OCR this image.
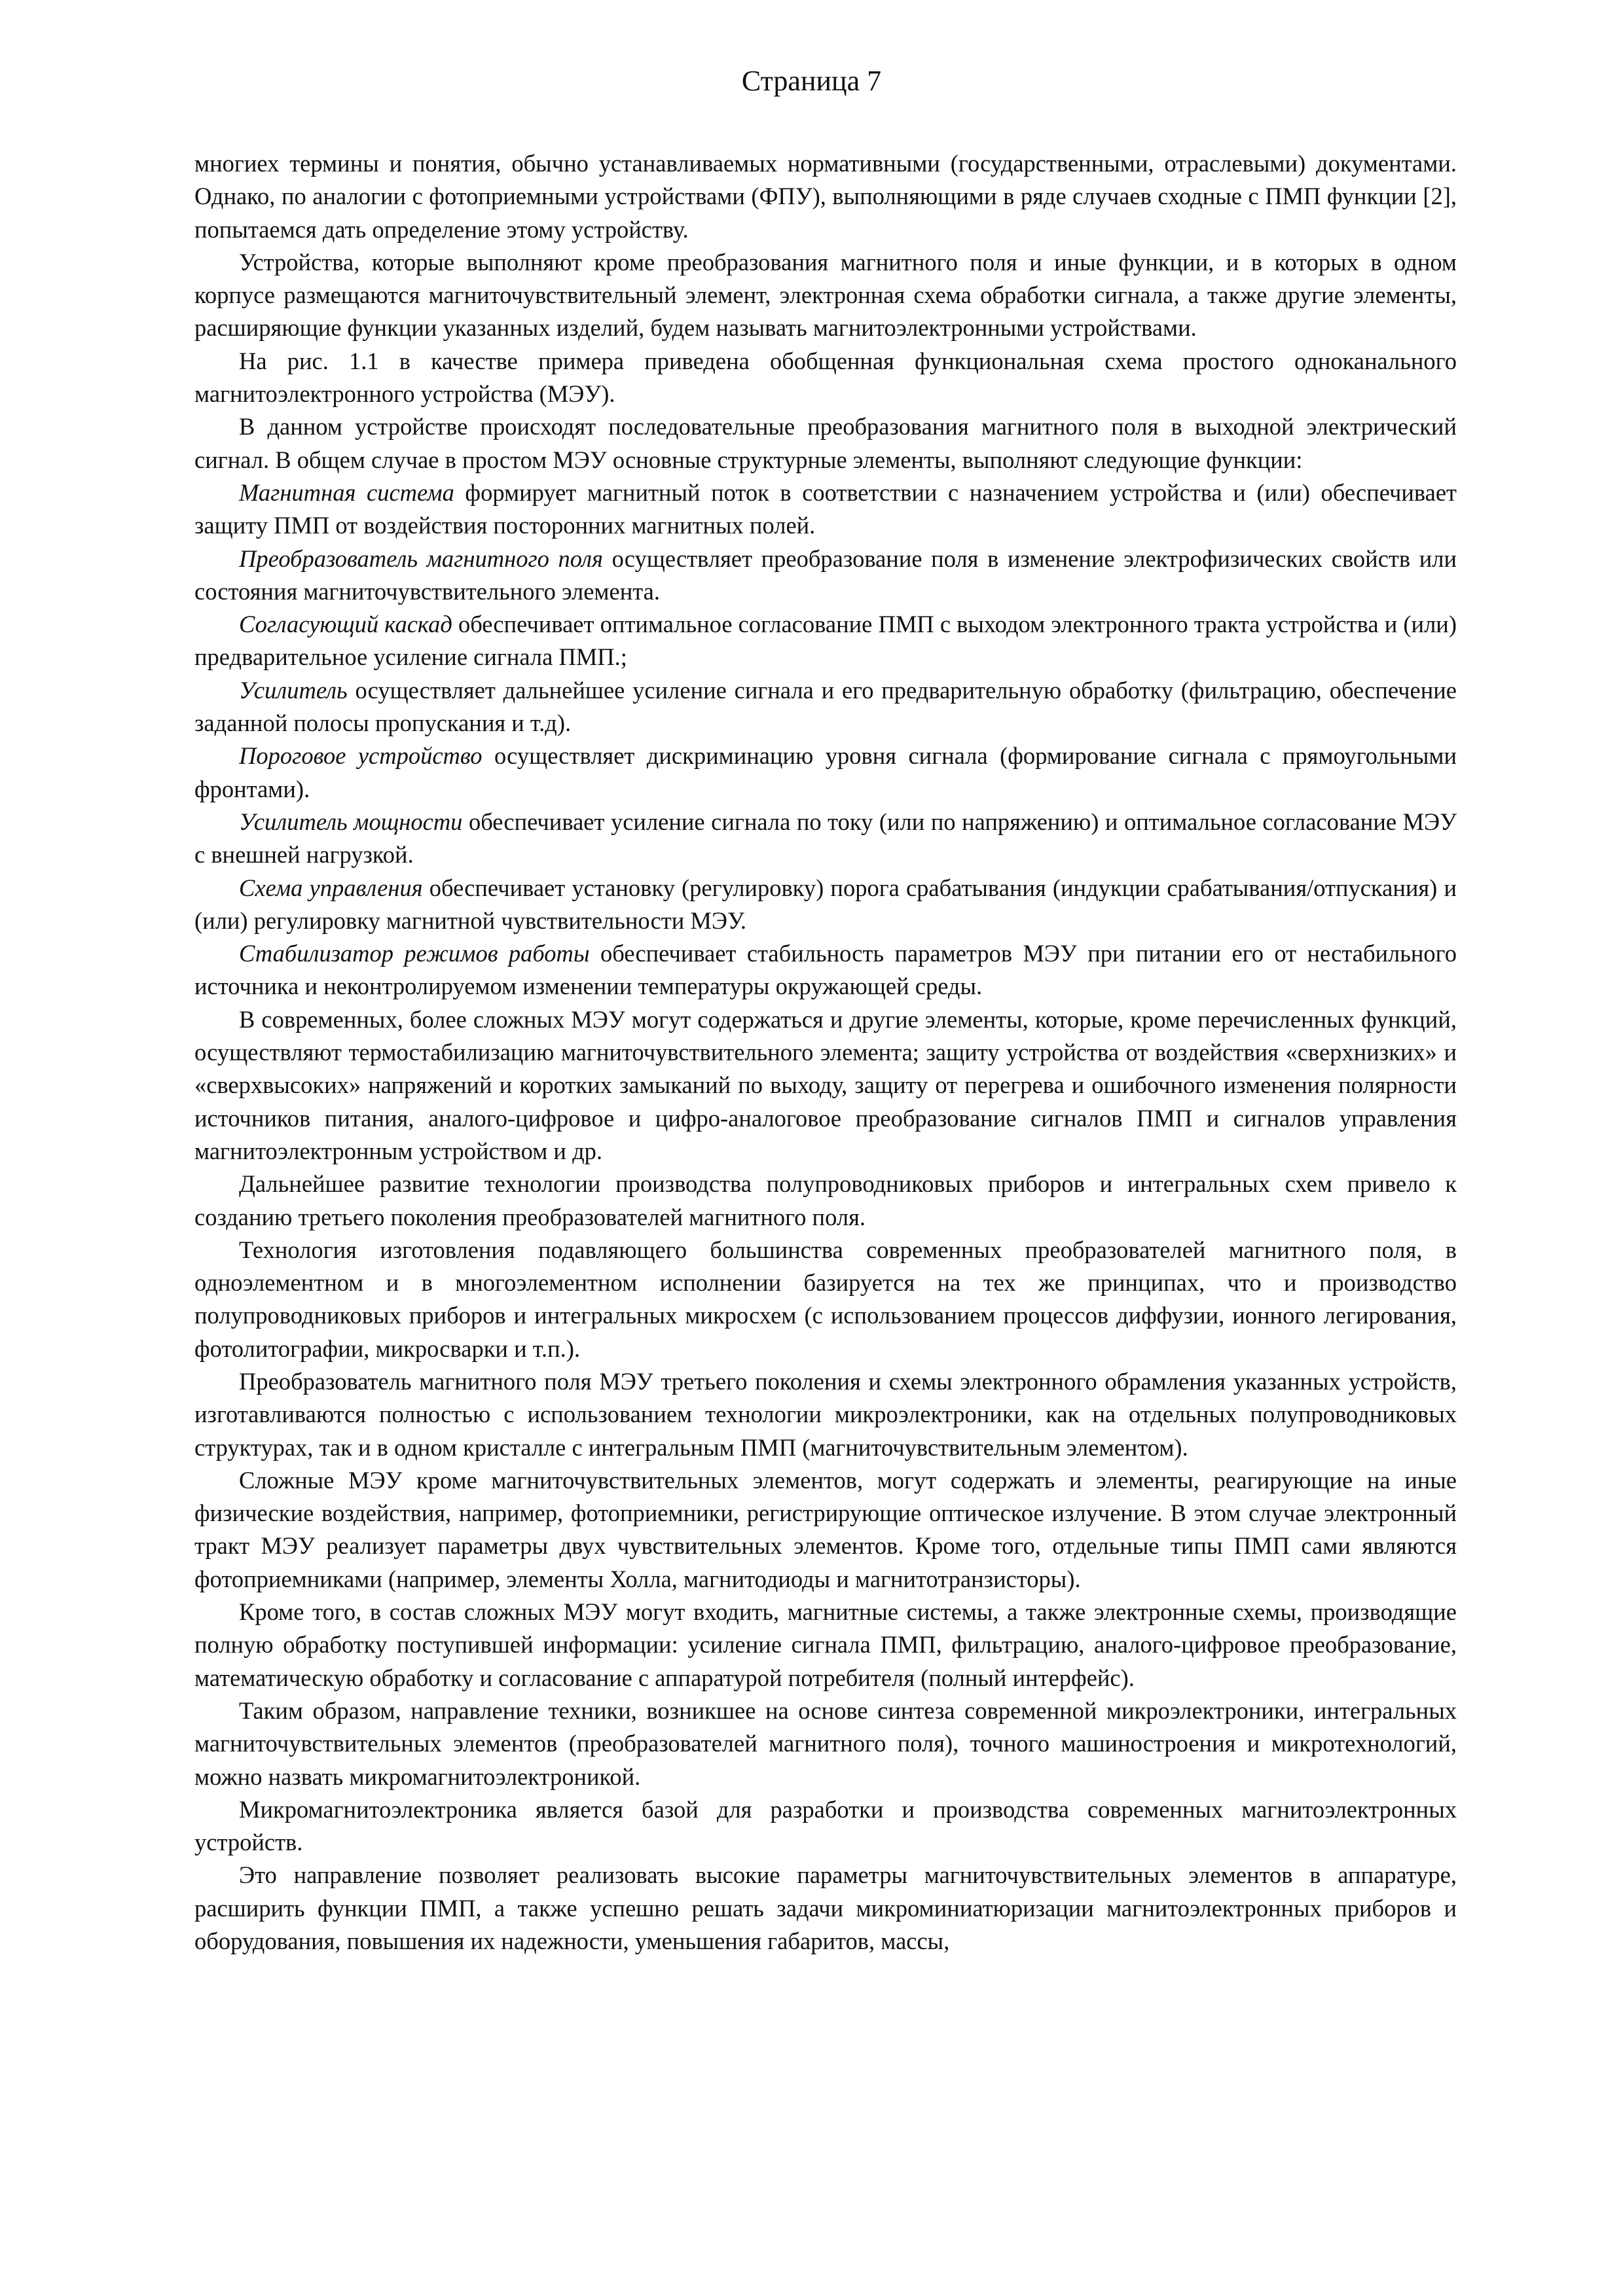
Страница 7

многиех термины и понятия, обычно устанавливаемых нормативными (государственными, отраслевыми) документами. Однако, по аналогии с фотоприемными устройствами (ФПУ), выполняющими в ряде случаев сходные с ПМП функции [2], попытаемся дать определение этому устройству.

Устройства, которые выполняют кроме преобразования магнитного поля и иные функции, и в которых в одном корпусе размещаются магниточувствительный элемент, электронная схема обработки сигнала, а также другие элементы, расширяющие функции указанных изделий, будем называть магнитоэлектронными устройствами.

На рис. 1.1 в качестве примера приведена обобщенная функциональная схема простого одноканального магнитоэлектронного устройства (МЭУ).

В данном устройстве происходят последовательные преобразования магнитного поля в выходной электрический сигнал. В общем случае в простом МЭУ основные структурные элементы, выполняют следующие функции:

Магнитная система формирует магнитный поток в соответствии с назначением устройства и (или) обеспечивает защиту ПМП от воздействия посторонних магнитных полей.

Преобразователь магнитного поля осуществляет преобразование поля в изменение электрофизических свойств или состояния магниточувствительного элемента.

Согласующий каскад обеспечивает оптимальное согласование ПМП с выходом электронного тракта устройства и (или) предварительное усиление сигнала ПМП.;

Усилитель осуществляет дальнейшее усиление сигнала и его предварительную обработку (фильтрацию, обеспечение заданной полосы пропускания и т.д).

Пороговое устройство осуществляет дискриминацию уровня сигнала (формирование сигнала с прямоугольными фронтами).

Усилитель мощности обеспечивает усиление сигнала по току (или по напряжению) и оптимальное согласование МЭУ с внешней нагрузкой.

Схема управления обеспечивает установку (регулировку) порога срабатывания (индукции срабатывания/отпускания) и (или) регулировку магнитной чувствительности МЭУ.

Стабилизатор режимов работы обеспечивает стабильность параметров МЭУ при питании его от нестабильного источника и неконтролируемом изменении температуры окружающей среды.

В современных, более сложных МЭУ могут содержаться и другие элементы, которые, кроме перечисленных функций, осуществляют термостабилизацию магниточувствительного элемента; защиту устройства от воздействия «сверхнизких» и «сверхвысоких» напряжений и коротких замыканий по выходу, защиту от перегрева и ошибочного изменения полярности источников питания, аналого-цифровое и цифро-аналоговое преобразование сигналов ПМП и сигналов управления магнитоэлектронным устройством и др.

Дальнейшее развитие технологии производства полупроводниковых приборов и интегральных схем привело к созданию третьего поколения преобразователей магнитного поля.

Технология изготовления подавляющего большинства современных преобразователей магнитного поля, в одноэлементном и в многоэлементном исполнении базируется на тех же принципах, что и производство полупроводниковых приборов и интегральных микросхем (с использованием процессов диффузии, ионного легирования, фотолитографии, микросварки и т.п.).

Преобразователь магнитного поля МЭУ третьего поколения и схемы электронного обрамления указанных устройств, изготавливаются полностью с использованием технологии микроэлектроники, как на отдельных полупроводниковых структурах, так и в одном кристалле с интегральным ПМП (магниточувствительным элементом).

Сложные МЭУ кроме магниточувствительных элементов, могут содержать и элементы, реагирующие на иные физические воздействия, например, фотоприемники, регистрирующие оптическое излучение. В этом случае электронный тракт МЭУ реализует параметры двух чувствительных элементов. Кроме того, отдельные типы ПМП сами являются фотоприемниками (например, элементы Холла, магнитодиоды и магнитотранзисторы).

Кроме того, в состав сложных МЭУ могут входить, магнитные системы, а также электронные схемы, производящие полную обработку поступившей информации: усиление сигнала ПМП, фильтрацию, аналого-цифровое преобразование, математическую обработку и согласование с аппаратурой потребителя (полный интерфейс).

Таким образом, направление техники, возникшее на основе синтеза современной микроэлектроники, интегральных магниточувствительных элементов (преобразователей магнитного поля), точного машиностроения и микротехнологий, можно назвать микромагнитоэлектроникой.

Микромагнитоэлектроника является базой для разработки и производства современных магнитоэлектронных устройств.

Это направление позволяет реализовать высокие параметры магниточувствительных элементов в аппаратуре, расширить функции ПМП, а также успешно решать задачи микроминиатюризации магнитоэлектронных приборов и оборудования, повышения их надежности, уменьшения габаритов, массы,
